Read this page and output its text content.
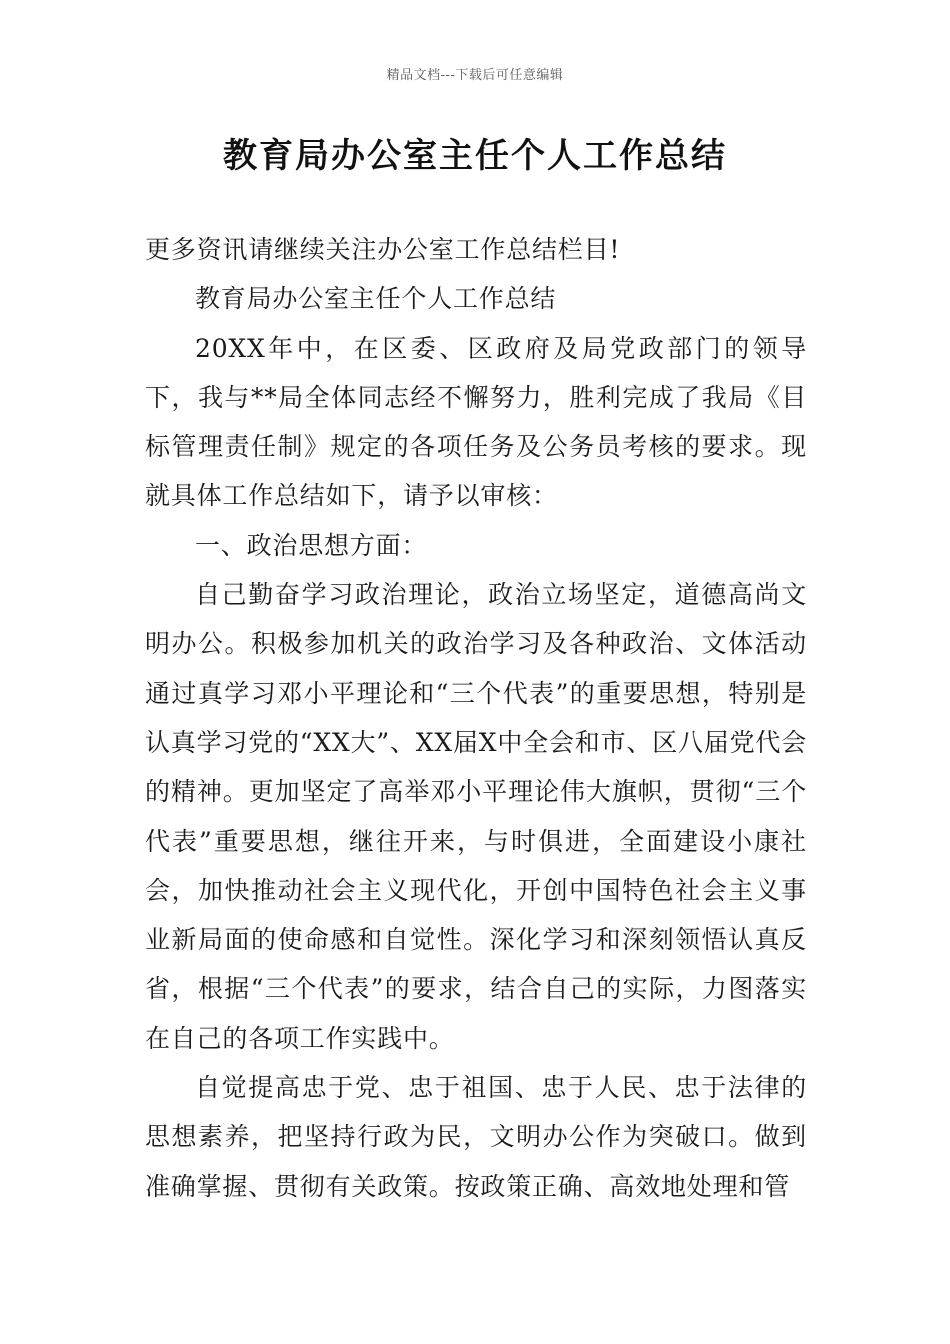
精品文档---下载后可任意编辑
教育局办公室主任个人工作总结

更多资讯请继续关注办公室工作总结栏目!

教育局办公室主任个人工作总结

20XX年中，在区委、区政府及局党政部门的领导下，我与**局全体同志经不懈努力，胜利完成了我局《目标管理责任制》规定的各项任务及公务员考核的要求。现就具体工作总结如下，请予以审核：

一、政治思想方面：

自己勤奋学习政治理论，政治立场坚定，道德高尚文明办公。积极参加机关的政治学习及各种政治、文体活动通过真学习邓小平理论和“三个代表”的重要思想，特别是认真学习党的“XX大”、XX届X中全会和市、区八届党代会的精神。更加坚定了高举邓小平理论伟大旗帜，贯彻“三个代表”重要思想，继往开来，与时俱进，全面建设小康社会，加快推动社会主义现代化，开创中国特色社会主义事业新局面的使命感和自觉性。深化学习和深刻领悟认真反省，根据“三个代表”的要求，结合自己的实际，力图落实在自己的各项工作实践中。

自觉提高忠于党、忠于祖国、忠于人民、忠于法律的思想素养，把坚持行政为民，文明办公作为突破口。做到准确掌握、贯彻有关政策。按政策正确、高效地处理和管
